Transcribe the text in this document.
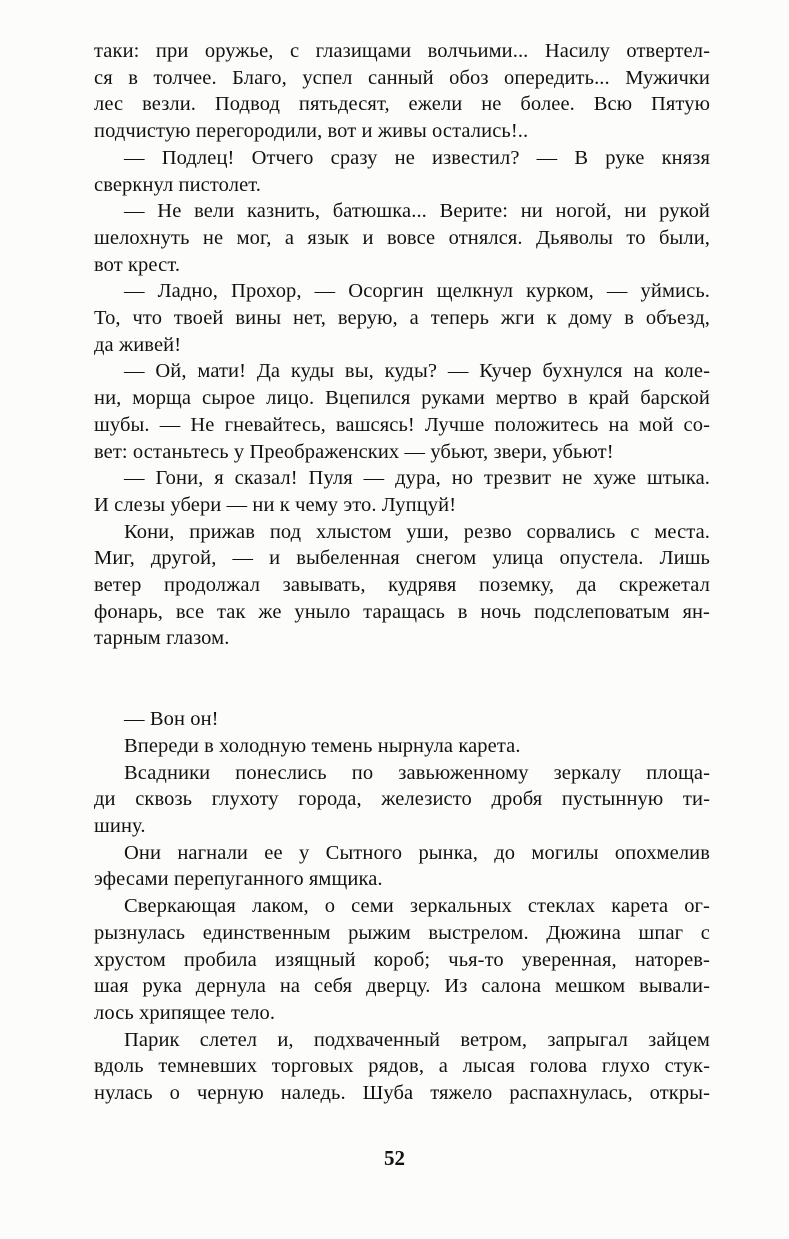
таки: при оружье, с глазищами волчьими... Насилу отвертел-
ся в толчее. Благо, успел санный обоз опередить... Мужички
лес везли. Подвод пятьдесят, ежели не более. Всю Пятую
подчистую перегородили, вот и живы остались!..
— Подлец! Отчего сразу не известил? — В руке князя
сверкнул пистолет.
— Не вели казнить, батюшка... Верите: ни ногой, ни рукой
шелохнуть не мог, а язык и вовсе отнялся. Дьяволы то были,
вот крест.
— Ладно, Прохор, — Осоргин щелкнул курком, — уймись.
То, что твоей вины нет, верую, а теперь жги к дому в объезд,
да живей!
— Ой, мати! Да куды вы, куды? — Кучер бухнулся на коле-
ни, морща сырое лицо. Вцепился руками мертво в край барской
шубы. — Не гневайтесь, вашсясь! Лучше положитесь на мой со-
вет: останьтесь у Преображенских — убьют, звери, убьют!
— Гони, я сказал! Пуля — дура, но трезвит не хуже штыка.
И слезы убери — ни к чему это. Лупцуй!
Кони, прижав под хлыстом уши, резво сорвались с места.
Миг, другой, — и выбеленная снегом улица опустела. Лишь
ветер продолжал завывать, кудрявя поземку, да скрежетал
фонарь, все так же уныло таращась в ночь подслеповатым ян-
тарным глазом.
— Вон он!
Впереди в холодную темень нырнула карета.
Всадники понеслись по завьюженному зеркалу площа-
ди сквозь глухоту города, железисто дробя пустынную ти-
шину.
Они нагнали ее у Сытного рынка, до могилы опохмелив
эфесами перепуганного ямщика.
Сверкающая лаком, о семи зеркальных стеклах карета ог-
рызнулась единственным рыжим выстрелом. Дюжина шпаг с
хрустом пробила изящный короб; чья-то уверенная, наторев-
шая рука дернула на себя дверцу. Из салона мешком вывали-
лось хрипящее тело.
Парик слетел и, подхваченный ветром, запрыгал зайцем
вдоль темневших торговых рядов, а лысая голова глухо стук-
нулась о черную наледь. Шуба тяжело распахнулась, откры-
52
